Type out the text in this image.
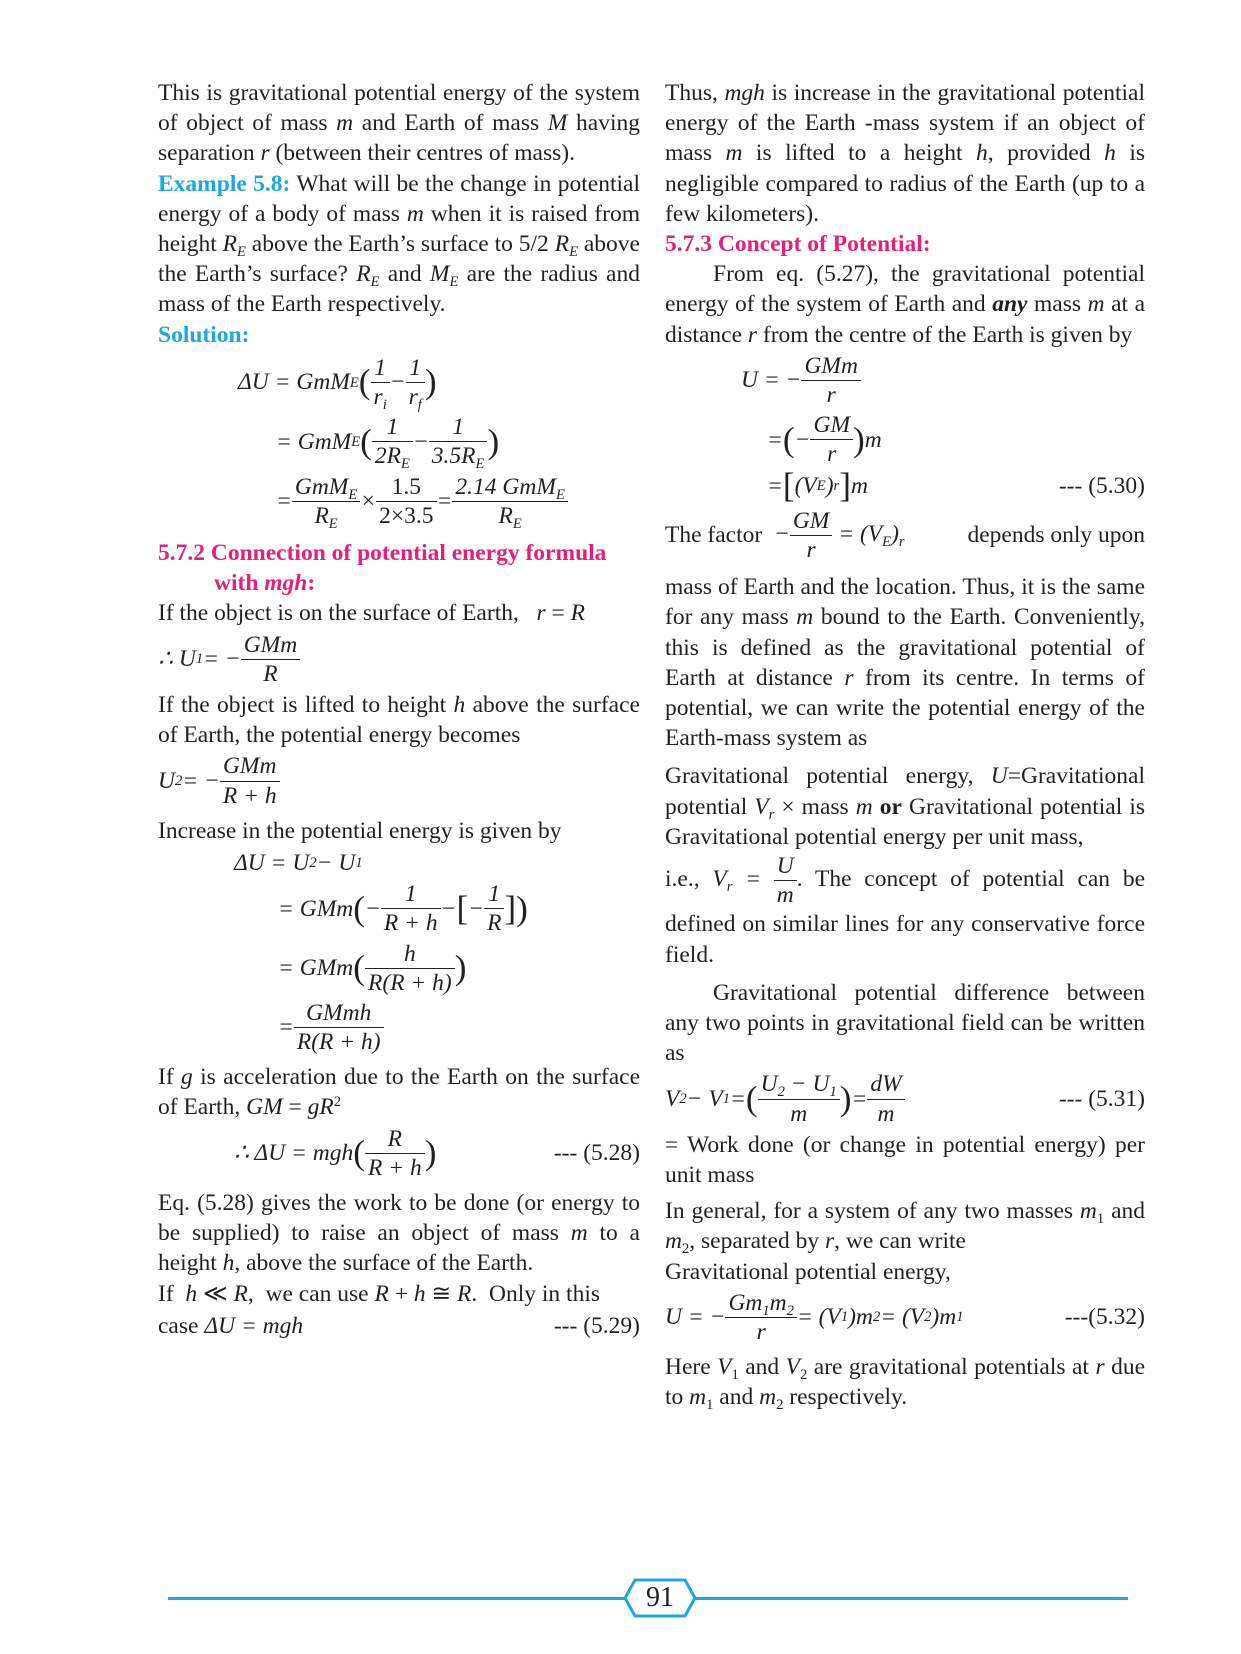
This is gravitational potential energy of the system of object of mass m and Earth of mass M having separation r (between their centres of mass).

Example 5.8: What will be the change in potential energy of a body of mass m when it is raised from height $R_E$ above the Earth’s surface to 5/2 $R_E$ above the Earth’s surface? $R_E$ and $M_E$ are the radius and mass of the Earth respectively.

Solution:

ΔU = GmM E ( $\frac{1}{r_i} - \frac{1}{r_f}$ )
= GmM E ( $\frac{1}{2R_E} - \frac{1}{3.5R_E}$ )
= $\frac{GmM_E}{R_E} \times \frac{1.5}{2\times 3.5} = \frac{2.14 GmM_E}{R_E}$

5.7.2 Connection of potential energy formula
with mgh:

If the object is on the surface of Earth, r = R

∴ U 1 = − $\frac{\text{GMm}}{R}$

If the object is lifted to height h above the surface of Earth, the potential energy becomes

U 2 = − $\frac{\text{GMm}}{R + h}$

Increase in the potential energy is given by

ΔU = U 2 − U 1
= GMm ( − $\frac{1}{R + h}$ − [ − $\frac{1}{R}$ ])
= GMm ( $\frac{h}{R(R + h)}$ )
= $\frac{\text{GMmh}}{R(R + h)}$

If g is acceleration due to the Earth on the surface of Earth, GM = $gR^2$

∴ ΔU = mgh ( $\frac{R}{R + h}$ )	--- (5.28)

Eq. (5.28) gives the work to be done (or energy to be supplied) to raise an object of mass m to a height h, above the surface of the Earth.

If  h ≪ R,  we can use R + h ≅ R.  Only in this

case ΔU = mgh	--- (5.29)

Thus, mgh is increase in the gravitational potential energy of the Earth -mass system if an object of mass m is lifted to a height h, provided h is negligible compared to radius of the Earth (up to a few kilometers).

5.7.3 Concept of Potential:

From eq. (5.27), the gravitational potential energy of the system of Earth and any mass m at a distance r from the centre of the Earth is given by

U = − $\frac{\text{GMm}}{r}$
= ( − $\frac{GM}{r}$ ) m
= [ (V E ) r ] m	--- (5.30)
The factor
− $\frac{GM}{r} = (V_E)_r$
	depends only upon

mass of Earth and the location. Thus, it is the same for any mass m bound to the Earth. Conveniently, this is defined as the gravitational potential of Earth at distance r from its centre. In terms of potential, we can write the potential energy of the Earth-mass system as

Gravitational potential energy, U=Gravitational potential $V_r$ × mass m or Gravitational potential is Gravitational potential energy per unit mass,

i.e., $V_r = \frac{U}{m}$ . The concept of potential can be defined on similar lines for any conservative force field.

Gravitational potential difference between any two points in gravitational field can be written as

V 2 − V 1 = ( $\frac{U_2 - U_1}{m}$ ) = $\frac{dW}{m}$	--- (5.31)

= Work done (or change in potential energy) per unit mass

In general, for a system of any two masses $m_1$ and $m_2$, separated by r, we can write

Gravitational potential energy,

U = − $\frac{Gm_1m_2}{r} = (V$ 1 )m 2 = (V 2 )m 1	---(5.32)

Here $V_1$ and $V_2$ are gravitational potentials at r due to $m_1$ and $m_2$ respectively.

91
